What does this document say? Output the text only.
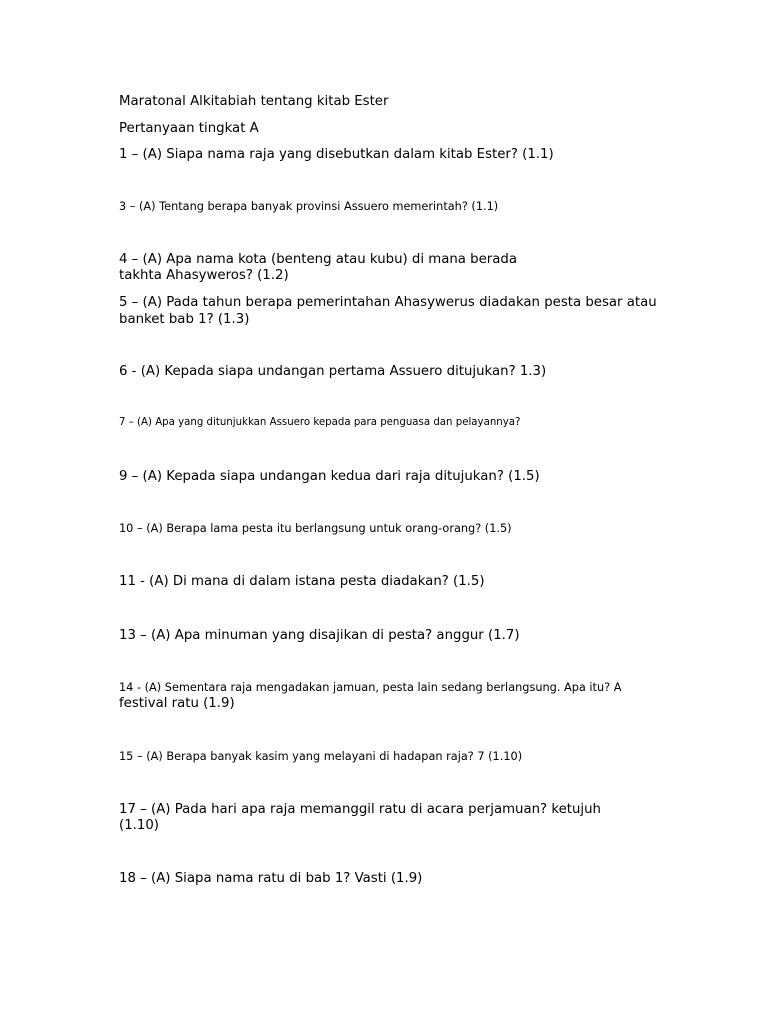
Maratonal Alkitabiah tentang kitab Ester

Pertanyaan tingkat A

1 – (A) Siapa nama raja yang disebutkan dalam kitab Ester? (1.1)

3 – (A) Tentang berapa banyak provinsi Assuero memerintah? (1.1)

4 – (A) Apa nama kota (benteng atau kubu) di mana berada

takhta Ahasyweros? (1.2)

5 – (A) Pada tahun berapa pemerintahan Ahasywerus diadakan pesta besar atau

banket bab 1? (1.3)

6 - (A) Kepada siapa undangan pertama Assuero ditujukan? 1.3)

7 – (A) Apa yang ditunjukkan Assuero kepada para penguasa dan pelayannya?

9 – (A) Kepada siapa undangan kedua dari raja ditujukan? (1.5)

10 – (A) Berapa lama pesta itu berlangsung untuk orang-orang? (1.5)

11 - (A) Di mana di dalam istana pesta diadakan? (1.5)

13 – (A) Apa minuman yang disajikan di pesta? anggur (1.7)

14 - (A) Sementara raja mengadakan jamuan, pesta lain sedang berlangsung. Apa itu? A

festival ratu (1.9)

15 – (A) Berapa banyak kasim yang melayani di hadapan raja? 7 (1.10)

17 – (A) Pada hari apa raja memanggil ratu di acara perjamuan? ketujuh

(1.10)

18 – (A) Siapa nama ratu di bab 1? Vasti (1.9)
